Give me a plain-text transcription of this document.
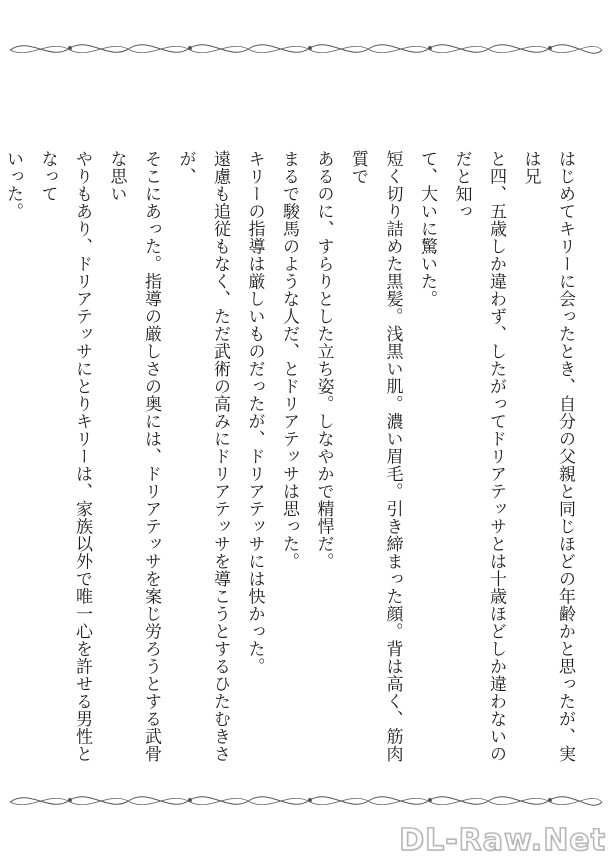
はじめてキリーに会ったとき、自分の父親と同じほどの年齢かと思ったが、実は兄
と四、五歳しか違わず、したがってドリアテッサとは十歳ほどしか違わないのだと知っ
て、大いに驚いた。
短く切り詰めた黒髪。浅黒い肌。濃い眉毛。引き締まった顔。背は高く、筋肉質で
あるのに、すらりとした立ち姿。しなやかで精悍だ。
まるで駿馬のような人だ、とドリアテッサは思った。
キリーの指導は厳しいものだったが、ドリアテッサには快かった。
遠慮も追従もなく、ただ武術の高みにドリアテッサを導こうとするひたむきさが、
そこにあった。指導の厳しさの奥には、ドリアテッサを案じ労ろうとする武骨な思い
やりもあり、ドリアテッサにとりキリーは、家族以外で唯一心を許せる男性となって
いった。
DL-Raw.Net
